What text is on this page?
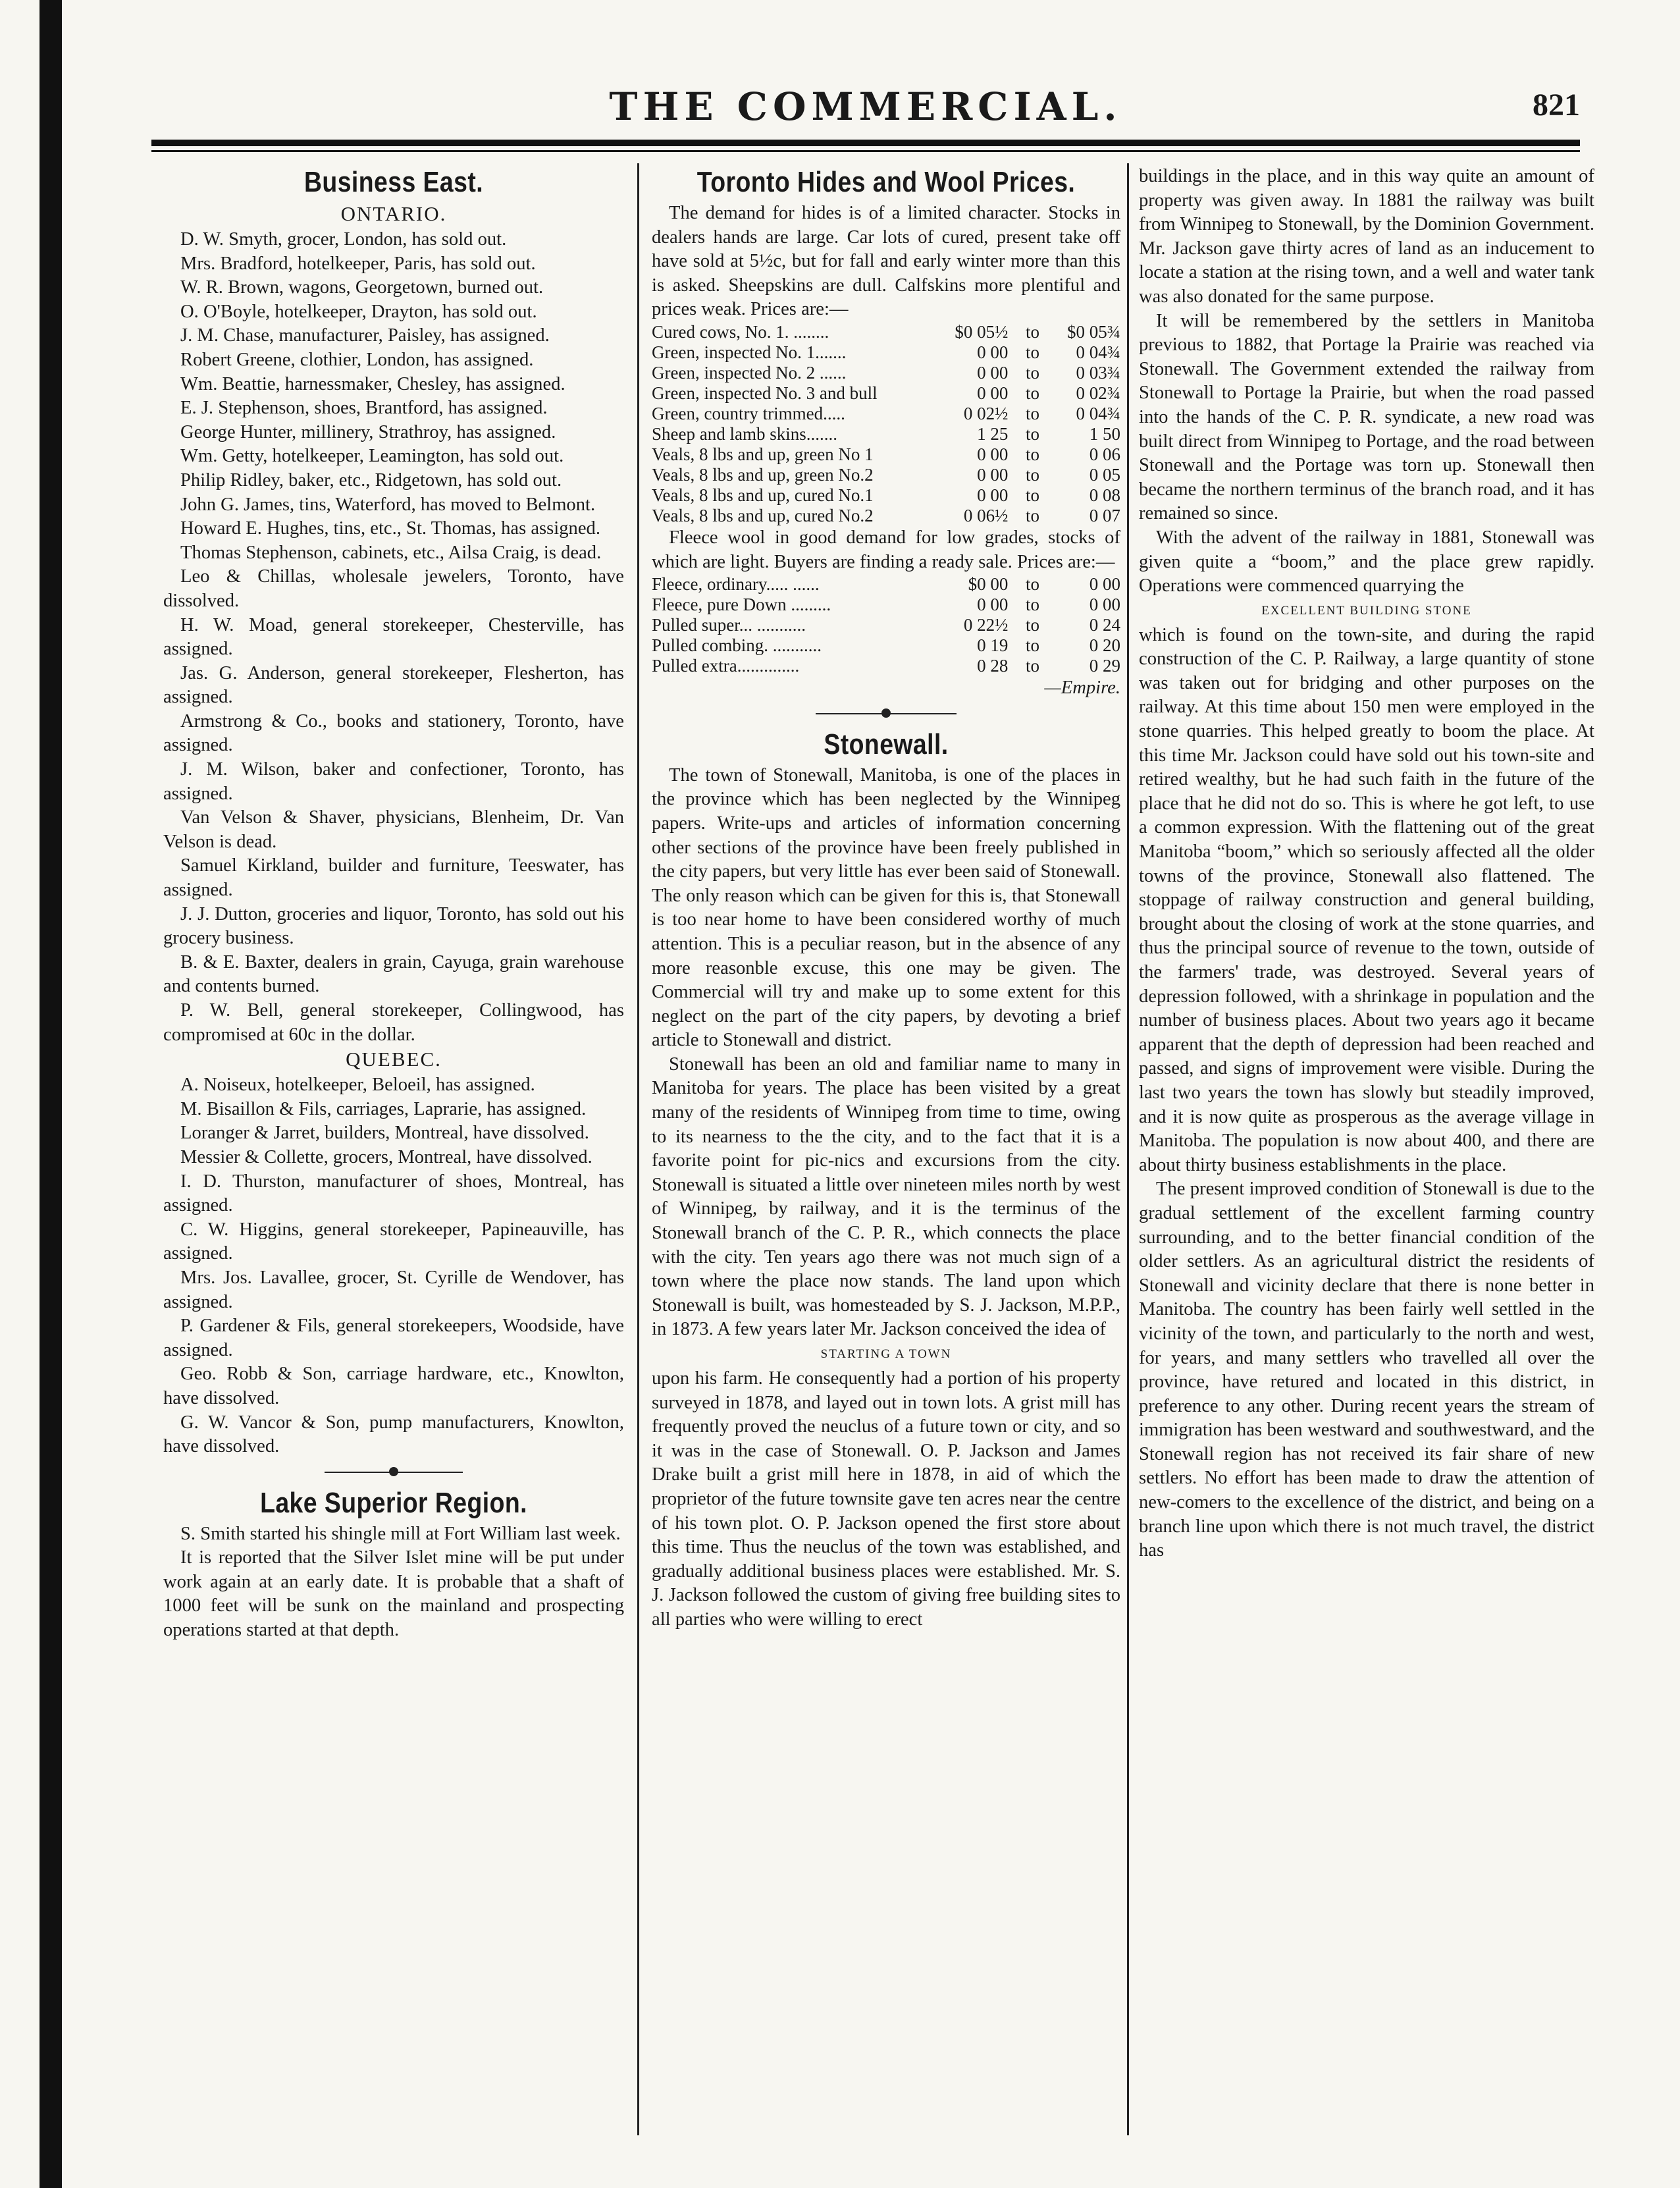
THE COMMERCIAL.	821
Business East.
ONTARIO.

D. W. Smyth, grocer, London, has sold out.

Mrs. Bradford, hotelkeeper, Paris, has sold out.

W. R. Brown, wagons, Georgetown, burned out.

O. O'Boyle, hotelkeeper, Drayton, has sold out.

J. M. Chase, manufacturer, Paisley, has assigned.

Robert Greene, clothier, London, has assigned.

Wm. Beattie, harnessmaker, Chesley, has assigned.

E. J. Stephenson, shoes, Brantford, has assigned.

George Hunter, millinery, Strathroy, has assigned.

Wm. Getty, hotelkeeper, Leamington, has sold out.

Philip Ridley, baker, etc., Ridgetown, has sold out.

John G. James, tins, Waterford, has moved to Belmont.

Howard E. Hughes, tins, etc., St. Thomas, has assigned.

Thomas Stephenson, cabinets, etc., Ailsa Craig, is dead.

Leo & Chillas, wholesale jewelers, Toronto, have dissolved.

H. W. Moad, general storekeeper, Chesterville, has assigned.

Jas. G. Anderson, general storekeeper, Flesherton, has assigned.

Armstrong & Co., books and stationery, Toronto, have assigned.

J. M. Wilson, baker and confectioner, Toronto, has assigned.

Van Velson & Shaver, physicians, Blenheim, Dr. Van Velson is dead.

Samuel Kirkland, builder and furniture, Teeswater, has assigned.

J. J. Dutton, groceries and liquor, Toronto, has sold out his grocery business.

B. & E. Baxter, dealers in grain, Cayuga, grain warehouse and contents burned.

P. W. Bell, general storekeeper, Collingwood, has compromised at 60c in the dollar.

QUEBEC.

A. Noiseux, hotelkeeper, Beloeil, has assigned.

M. Bisaillon & Fils, carriages, Laprarie, has assigned.

Loranger & Jarret, builders, Montreal, have dissolved.

Messier & Collette, grocers, Montreal, have dissolved.

I. D. Thurston, manufacturer of shoes, Montreal, has assigned.

C. W. Higgins, general storekeeper, Papineauville, has assigned.

Mrs. Jos. Lavallee, grocer, St. Cyrille de Wendover, has assigned.

P. Gardener & Fils, general storekeepers, Woodside, have assigned.

Geo. Robb & Son, carriage hardware, etc., Knowlton, have dissolved.

G. W. Vancor & Son, pump manufacturers, Knowlton, have dissolved.

Lake Superior Region.

S. Smith started his shingle mill at Fort William last week.

It is reported that the Silver Islet mine will be put under work again at an early date. It is probable that a shaft of 1000 feet will be sunk on the mainland and prospecting operations started at that depth.

Toronto Hides and Wool Prices.

The demand for hides is of a limited character. Stocks in dealers hands are large. Car lots of cured, present take off have sold at 5½c, but for fall and early winter more than this is asked. Sheepskins are dull. Calfskins more plentiful and prices weak. Prices are:—

Cured cows, No. 1. ........	$0 05½	to	$0 05¾
Green, inspected No. 1.......	0 00	to	0 04¾
Green, inspected No. 2 ......	0 00	to	0 03¾
Green, inspected No. 3 and bull	0 00	to	0 02¾
Green, country trimmed.....	0 02½	to	0 04¾
Sheep and lamb skins.......	1 25	to	1 50
Veals, 8 lbs and up, green No 1	0 00	to	0 06
Veals, 8 lbs and up, green No.2	0 00	to	0 05
Veals, 8 lbs and up, cured No.1	0 00	to	0 08
Veals, 8 lbs and up, cured No.2	0 06½	to	0 07

Fleece wool in good demand for low grades, stocks of which are light. Buyers are finding a ready sale. Prices are:—

Fleece, ordinary..... ......	$0 00	to	0 00
Fleece, pure Down .........	0 00	to	0 00
Pulled super... ...........	0 22½	to	0 24
Pulled combing. ...........	0 19	to	0 20
Pulled extra..............	0 28	to	0 29
—Empire.
Stonewall.

The town of Stonewall, Manitoba, is one of the places in the province which has been neglected by the Winnipeg papers. Write-ups and articles of information concerning other sections of the province have been freely published in the city papers, but very little has ever been said of Stonewall. The only reason which can be given for this is, that Stonewall is too near home to have been considered worthy of much attention. This is a peculiar reason, but in the absence of any more reasonble excuse, this one may be given. The Commercial will try and make up to some extent for this neglect on the part of the city papers, by devoting a brief article to Stonewall and district.

Stonewall has been an old and familiar name to many in Manitoba for years. The place has been visited by a great many of the residents of Winnipeg from time to time, owing to its nearness to the the city, and to the fact that it is a favorite point for pic-nics and excursions from the city. Stonewall is situated a little over nineteen miles north by west of Winnipeg, by railway, and it is the terminus of the Stonewall branch of the C. P. R., which connects the place with the city. Ten years ago there was not much sign of a town where the place now stands. The land upon which Stonewall is built, was homesteaded by S. J. Jackson, M.P.P., in 1873. A few years later Mr. Jackson conceived the idea of

STARTING A TOWN

upon his farm. He consequently had a portion of his property surveyed in 1878, and layed out in town lots. A grist mill has frequently proved the neuclus of a future town or city, and so it was in the case of Stonewall. O. P. Jackson and James Drake built a grist mill here in 1878, in aid of which the proprietor of the future townsite gave ten acres near the centre of his town plot. O. P. Jackson opened the first store about this time. Thus the neuclus of the town was established, and gradually additional business places were established. Mr. S. J. Jackson followed the custom of giving free building sites to all parties who were willing to erect

buildings in the place, and in this way quite an amount of property was given away. In 1881 the railway was built from Winnipeg to Stonewall, by the Dominion Government. Mr. Jackson gave thirty acres of land as an inducement to locate a station at the rising town, and a well and water tank was also donated for the same purpose.

It will be remembered by the settlers in Manitoba previous to 1882, that Portage la Prairie was reached via Stonewall. The Government extended the railway from Stonewall to Portage la Prairie, but when the road passed into the hands of the C. P. R. syndicate, a new road was built direct from Winnipeg to Portage, and the road between Stonewall and the Portage was torn up. Stonewall then became the northern terminus of the branch road, and it has remained so since.

With the advent of the railway in 1881, Stonewall was given quite a “boom,” and the place grew rapidly. Operations were commenced quarrying the

EXCELLENT BUILDING STONE

which is found on the town-site, and during the rapid construction of the C. P. Railway, a large quantity of stone was taken out for bridging and other purposes on the railway. At this time about 150 men were employed in the stone quarries. This helped greatly to boom the place. At this time Mr. Jackson could have sold out his town-site and retired wealthy, but he had such faith in the future of the place that he did not do so. This is where he got left, to use a common expression. With the flattening out of the great Manitoba “boom,” which so seriously affected all the older towns of the province, Stonewall also flattened. The stoppage of railway construction and general building, brought about the closing of work at the stone quarries, and thus the principal source of revenue to the town, outside of the farmers' trade, was destroyed. Several years of depression followed, with a shrinkage in population and the number of business places. About two years ago it became apparent that the depth of depression had been reached and passed, and signs of improvement were visible. During the last two years the town has slowly but steadily improved, and it is now quite as prosperous as the average village in Manitoba. The population is now about 400, and there are about thirty business establishments in the place.

The present improved condition of Stonewall is due to the gradual settlement of the excellent farming country surrounding, and to the better financial condition of the older settlers. As an agricultural district the residents of Stonewall and vicinity declare that there is none better in Manitoba. The country has been fairly well settled in the vicinity of the town, and particularly to the north and west, for years, and many settlers who travelled all over the province, have retured and located in this district, in preference to any other. During recent years the stream of immigration has been westward and southwestward, and the Stonewall region has not received its fair share of new settlers. No effort has been made to draw the attention of new-comers to the excellence of the district, and being on a branch line upon which there is not much travel, the district has
